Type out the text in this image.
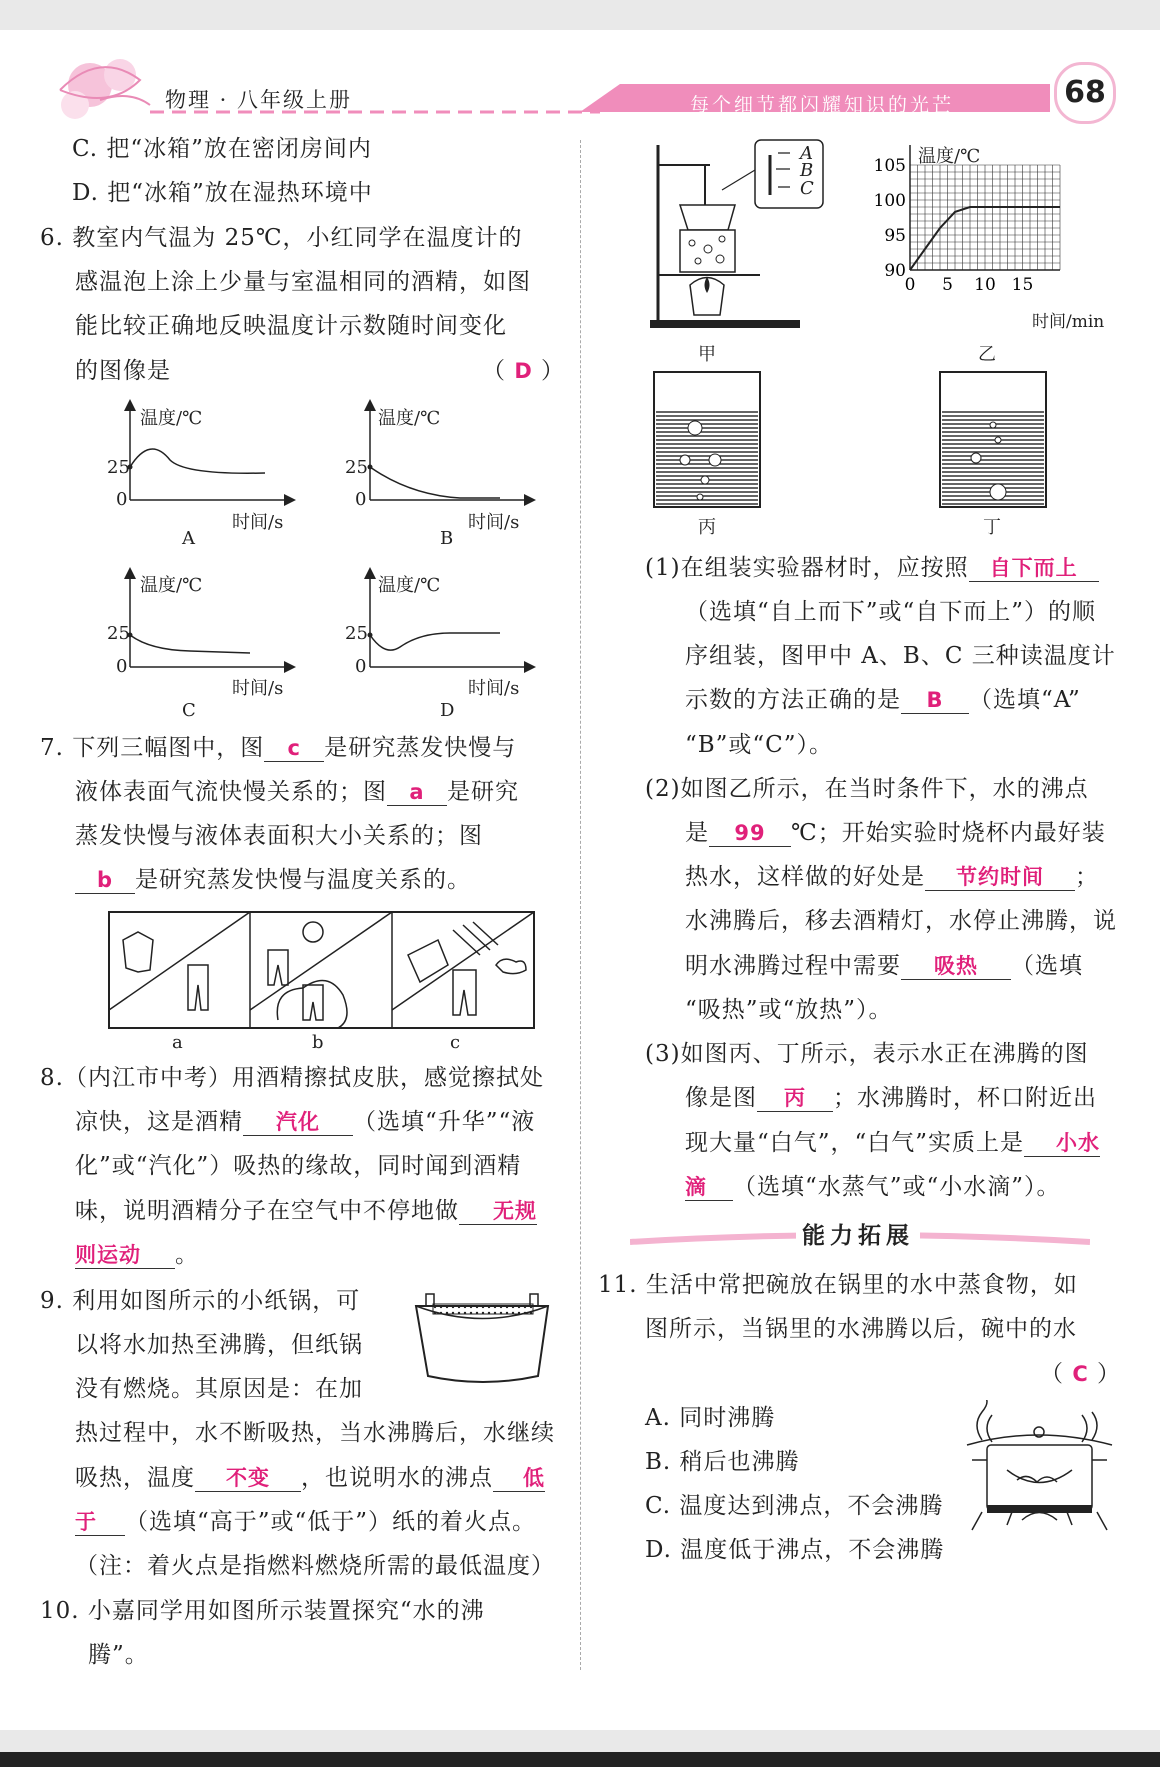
物理 · 八年级上册	每个细节都闪耀知识的光芒	68
C. 把“冰箱”放在密闭房间内
D. 把“冰箱”放在湿热环境中
6. 教室内气温为 25℃，小红同学在温度计的
感温泡上涂上少量与室温相同的酒精，如图
能比较正确地反映温度计示数随时间变化
的图像是	（ D ）
温度/℃	温度/℃
温度/℃	温度/℃
25
0
25
0
25
0
25
0
时间/s	时间/s
时间/s	时间/s
A	B
C	D
7. 下列三幅图中，图 c 是研究蒸发快慢与
液体表面气流快慢关系的；图 a 是研究
蒸发快慢与液体表面积大小关系的；图
b 是研究蒸发快慢与温度关系的。
a	b	c
8.（内江市中考）用酒精擦拭皮肤，感觉擦拭处
凉快，这是酒精 汽化 （选填“升华”“液
化”或“汽化”）吸热的缘故，同时闻到酒精
味，说明酒精分子在空气中不停地做 无规
则运动 。
9. 利用如图所示的小纸锅，可
以将水加热至沸腾，但纸锅
没有燃烧。其原因是：在加
热过程中，水不断吸热，当水沸腾后，水继续
吸热，温度 不变 ，也说明水的沸点 低
于 （选填“高于”或“低于”）纸的着火点。
（注：着火点是指燃料燃烧所需的最低温度）
10. 小嘉同学用如图所示装置探究“水的沸
腾”。
A
B
C
甲
90
95
100
105
0 5 10 15
温度/℃
时间/min
乙
丙	丁
(1)在组装实验器材时，应按照 自下而上
（选填“自上而下”或“自下而上”）的顺
序组装，图甲中 A、B、C 三种读温度计
示数的方法正确的是 B （选填“A”
“B”或“C”）。
(2)如图乙所示，在当时条件下，水的沸点
是 99 ℃；开始实验时烧杯内最好装
热水，这样做的好处是 节约时间 ；
水沸腾后，移去酒精灯，水停止沸腾，说
明水沸腾过程中需要 吸热 （选填
“吸热”或“放热”）。
(3)如图丙、丁所示，表示水正在沸腾的图
像是图 丙 ；水沸腾时，杯口附近出
现大量“白气”，“白气”实质上是 小水
滴 （选填“水蒸气”或“小水滴”）。
能力拓展
11. 生活中常把碗放在锅里的水中蒸食物，如
图所示，当锅里的水沸腾以后，碗中的水
（ C ）
A. 同时沸腾
B. 稍后也沸腾
C. 温度达到沸点，不会沸腾
D. 温度低于沸点，不会沸腾
